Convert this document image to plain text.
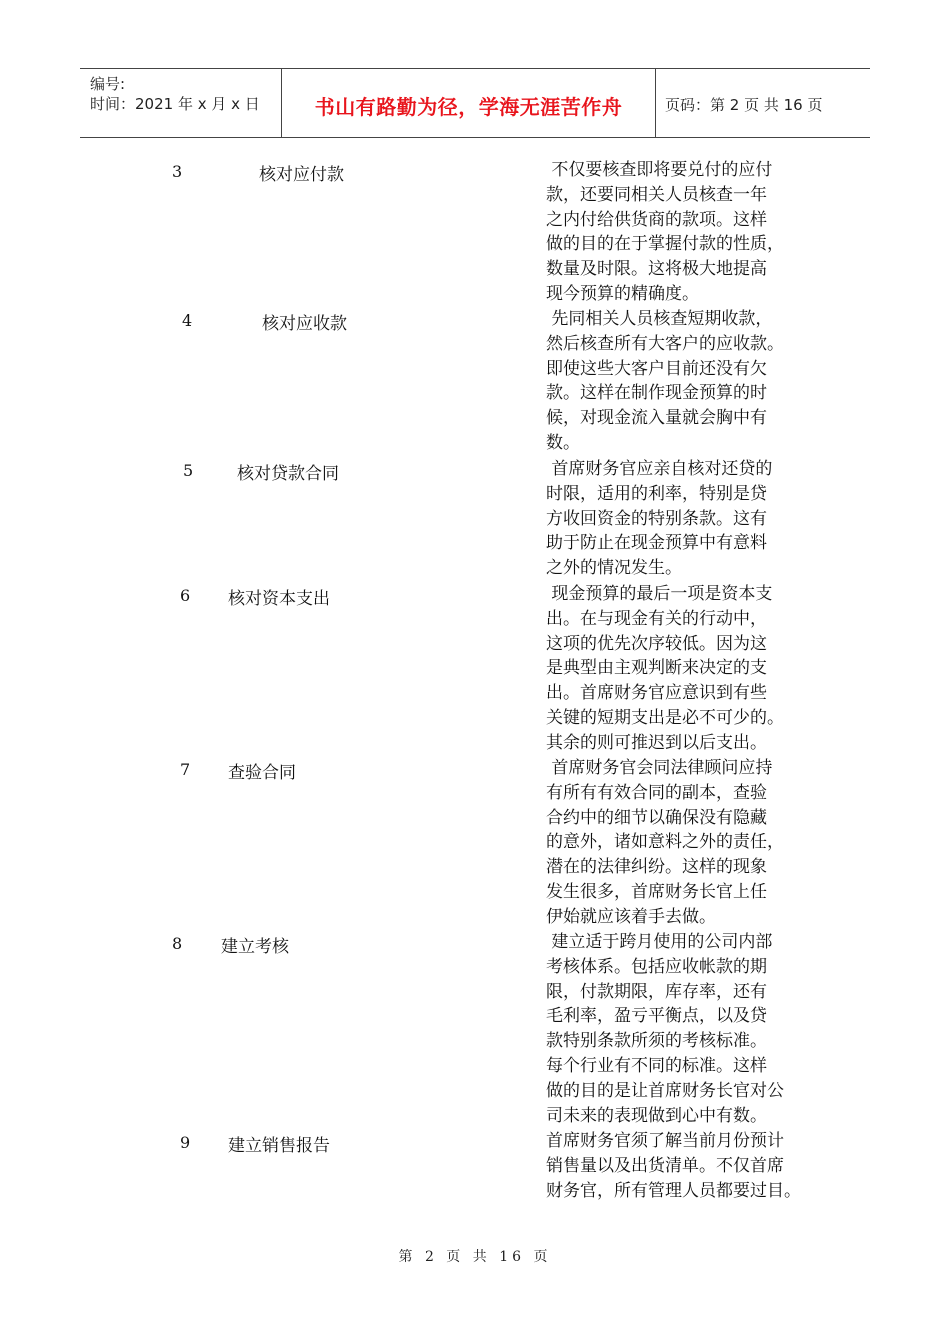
编号:
时间：2021 年 x 月 x 日	书山有路勤为径，学海无涯苦作舟	页码：第 2 页 共 16 页
3	核对应付款	不仅要核查即将要兑付的应付
款，还要同相关人员核查一年
之内付给供货商的款项。这样
做的目的在于掌握付款的性质，
数量及时限。这将极大地提高
现今预算的精确度。
4	核对应收款	先同相关人员核查短期收款，
然后核查所有大客户的应收款。
即使这些大客户目前还没有欠
款。这样在制作现金预算的时
候，对现金流入量就会胸中有
数。
5	核对贷款合同	首席财务官应亲自核对还贷的
时限，适用的利率，特别是贷
方收回资金的特别条款。这有
助于防止在现金预算中有意料
之外的情况发生。
6 核对资本支出	现金预算的最后一项是资本支
出。在与现金有关的行动中，
这项的优先次序较低。因为这
是典型由主观判断来决定的支
出。首席财务官应意识到有些
关键的短期支出是必不可少的。
其余的则可推迟到以后支出。
7 查验合同	首席财务官会同法律顾问应持
有所有有效合同的副本，查验
合约中的细节以确保没有隐藏
的意外，诸如意料之外的责任，
潜在的法律纠纷。这样的现象
发生很多，首席财务长官上任
伊始就应该着手去做。
8 建立考核	建立适于跨月使用的公司内部
考核体系。包括应收帐款的期
限，付款期限，库存率，还有
毛利率，盈亏平衡点，以及贷
款特别条款所须的考核标准。
每个行业有不同的标准。这样
做的目的是让首席财务长官对公
司未来的表现做到心中有数。
9 建立销售报告	首席财务官须了解当前月份预计
销售量以及出货清单。不仅首席
财务官，所有管理人员都要过目。
第 2 页 共 16 页
